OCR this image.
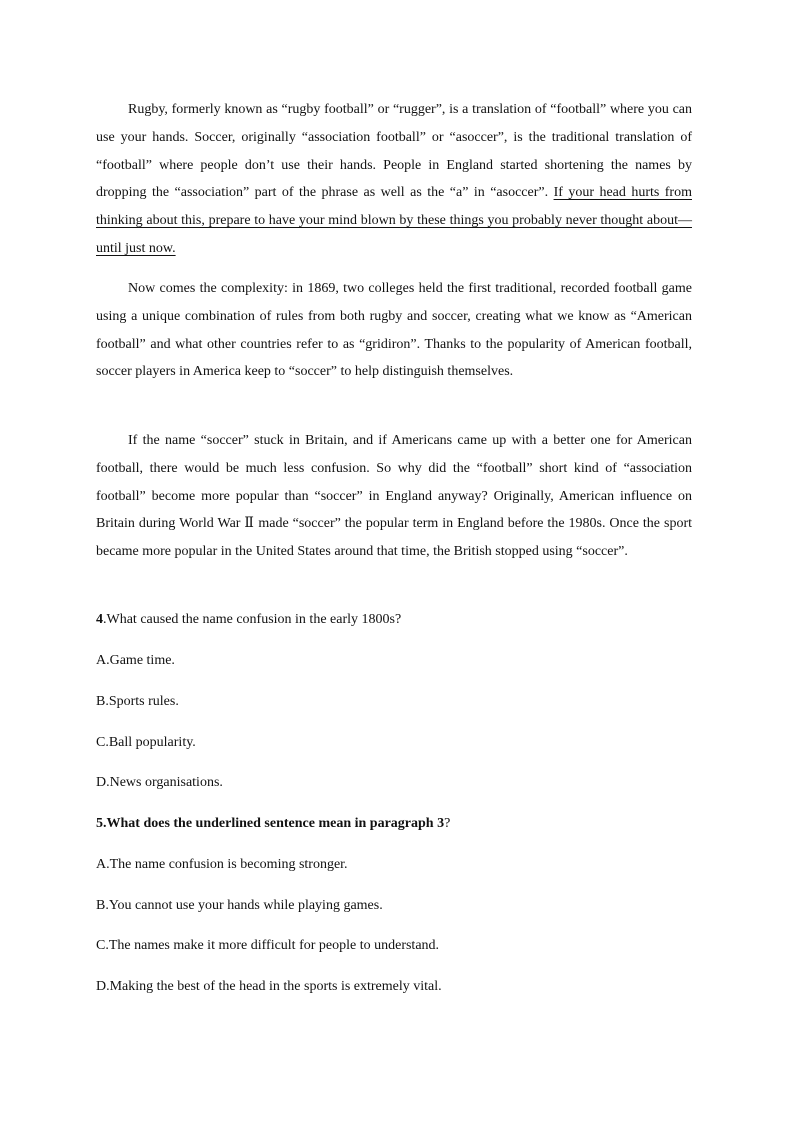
Rugby, formerly known as “rugby football” or “rugger”, is a translation of “football” where you can use your hands. Soccer, originally “association football” or “asoccer”, is the traditional translation of “football” where people don’t use their hands. People in England started shortening the names by dropping the “association” part of the phrase as well as the “a” in “asoccer”. If your head hurts from thinking about this, prepare to have your mind blown by these things you probably never thought about—until just now.

Now comes the complexity: in 1869, two colleges held the first traditional, recorded football game using a unique combination of rules from both rugby and soccer, creating what we know as “American football” and what other countries refer to as “gridiron”. Thanks to the popularity of American football, soccer players in America keep to “soccer” to help distinguish themselves.

If the name “soccer” stuck in Britain, and if Americans came up with a better one for American football, there would be much less confusion. So why did the “football” short kind of “association football” become more popular than “soccer” in England anyway? Originally, American influence on Britain during World War Ⅱ made “soccer” the popular term in England before the 1980s. Once the sport became more popular in the United States around that time, the British stopped using “soccer”.

4.What caused the name confusion in the early 1800s?

A.Game time.

B.Sports rules.

C.Ball popularity.

D.News organisations.

5.What does the underlined sentence mean in paragraph 3?

A.The name confusion is becoming stronger.

B.You cannot use your hands while playing games.

C.The names make it more difficult for people to understand.

D.Making the best of the head in the sports is extremely vital.
